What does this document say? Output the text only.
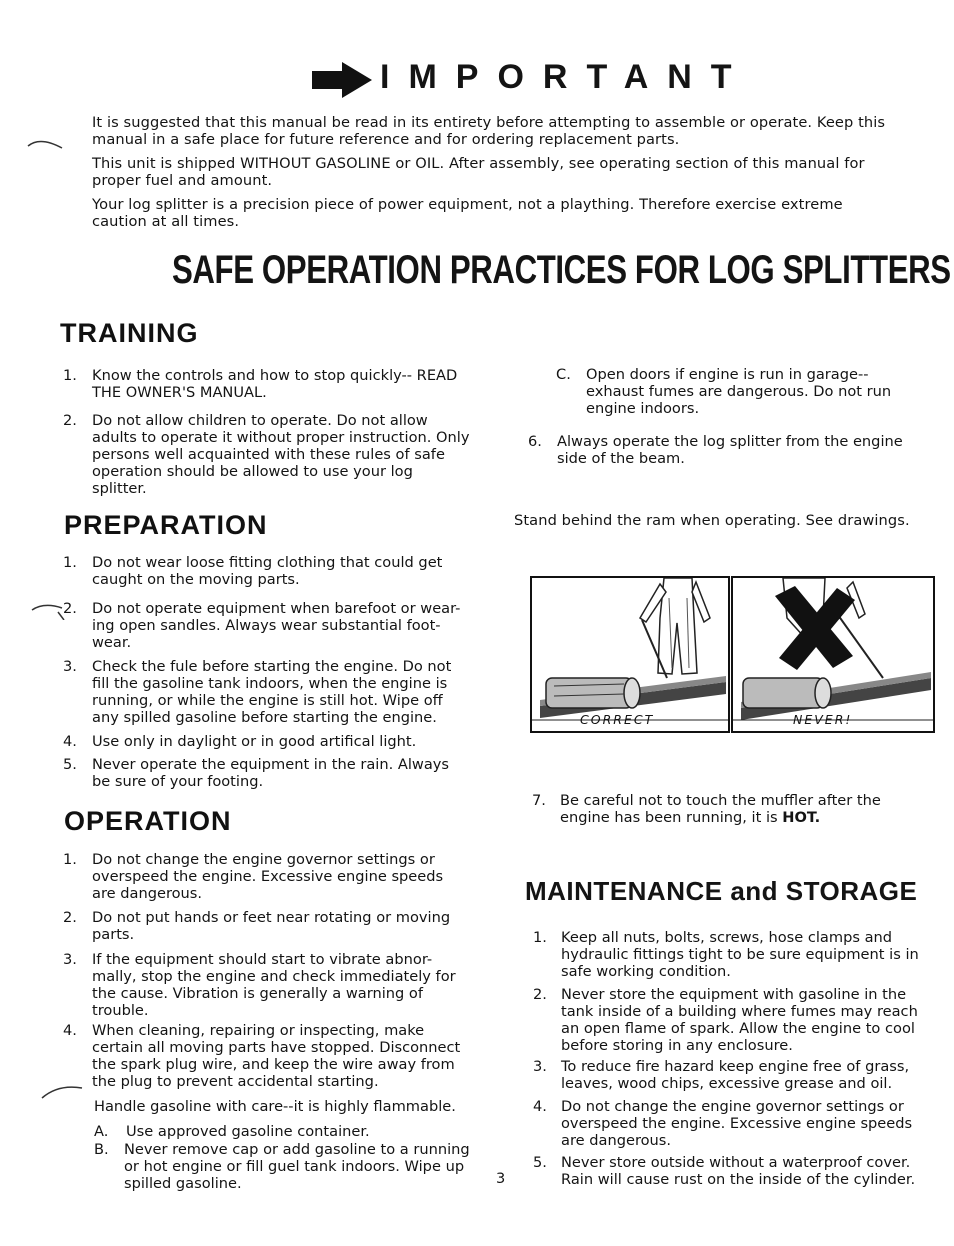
IMPORTANT
It is suggested that this manual be read in its entirety before attempting to assemble or operate. Keep this manual in a safe place for future reference and for ordering replacement parts.
This unit is shipped WITHOUT GASOLINE or OIL. After assembly, see operating section of this manual for proper fuel and amount.
Your log splitter is a precision piece of power equipment, not a plaything. Therefore exercise extreme caution at all times.
SAFE OPERATION PRACTICES FOR LOG SPLITTERS
TRAINING
1. Know the controls and how to stop quickly-- READ THE OWNER'S MANUAL.
2. Do not allow children to operate. Do not allow adults to operate it without proper instruction. Only persons well acquainted with these rules of safe operation should be allowed to use your log splitter.
PREPARATION
1. Do not wear loose fitting clothing that could get caught on the moving parts.
2. Do not operate equipment when barefoot or wear- ing open sandles. Always wear substantial foot- wear.
3. Check the fule before starting the engine. Do not fill the gasoline tank indoors, when the engine is running, or while the engine is still hot. Wipe off any spilled gasoline before starting the engine.
4. Use only in daylight or in good artifical light.
5. Never operate the equipment in the rain. Always be sure of your footing.
OPERATION
1. Do not change the engine governor settings or overspeed the engine. Excessive engine speeds are dangerous.
2. Do not put hands or feet near rotating or moving parts.
3. If the equipment should start to vibrate abnor- mally, stop the engine and check immediately for the cause. Vibration is generally a warning of trouble.
4. When cleaning, repairing or inspecting, make certain all moving parts have stopped. Disconnect the spark plug wire, and keep the wire away from the plug to prevent accidental starting.
Handle gasoline with care--it is highly flammable.
A. Use approved gasoline container.
B. Never remove cap or add gasoline to a running or hot engine or fill guel tank indoors. Wipe up spilled gasoline.	3
C. Open doors if engine is run in garage-- exhaust fumes are dangerous. Do not run engine indoors.
6. Always operate the log splitter from the engine side of the beam.
Stand behind the ram when operating. See drawings.
CORRECT	NEVER!
7. Be careful not to touch the muffler after the engine has been running, it is HOT.
MAINTENANCE and STORAGE
1. Keep all nuts, bolts, screws, hose clamps and hydraulic fittings tight to be sure equipment is in safe working condition.
2. Never store the equipment with gasoline in the tank inside of a building where fumes may reach an open flame of spark. Allow the engine to cool before storing in any enclosure.
3. To reduce fire hazard keep engine free of grass, leaves, wood chips, excessive grease and oil.
4. Do not change the engine governor settings or overspeed the engine. Excessive engine speeds are dangerous.
5. Never store outside without a waterproof cover. Rain will cause rust on the inside of the cylinder.
